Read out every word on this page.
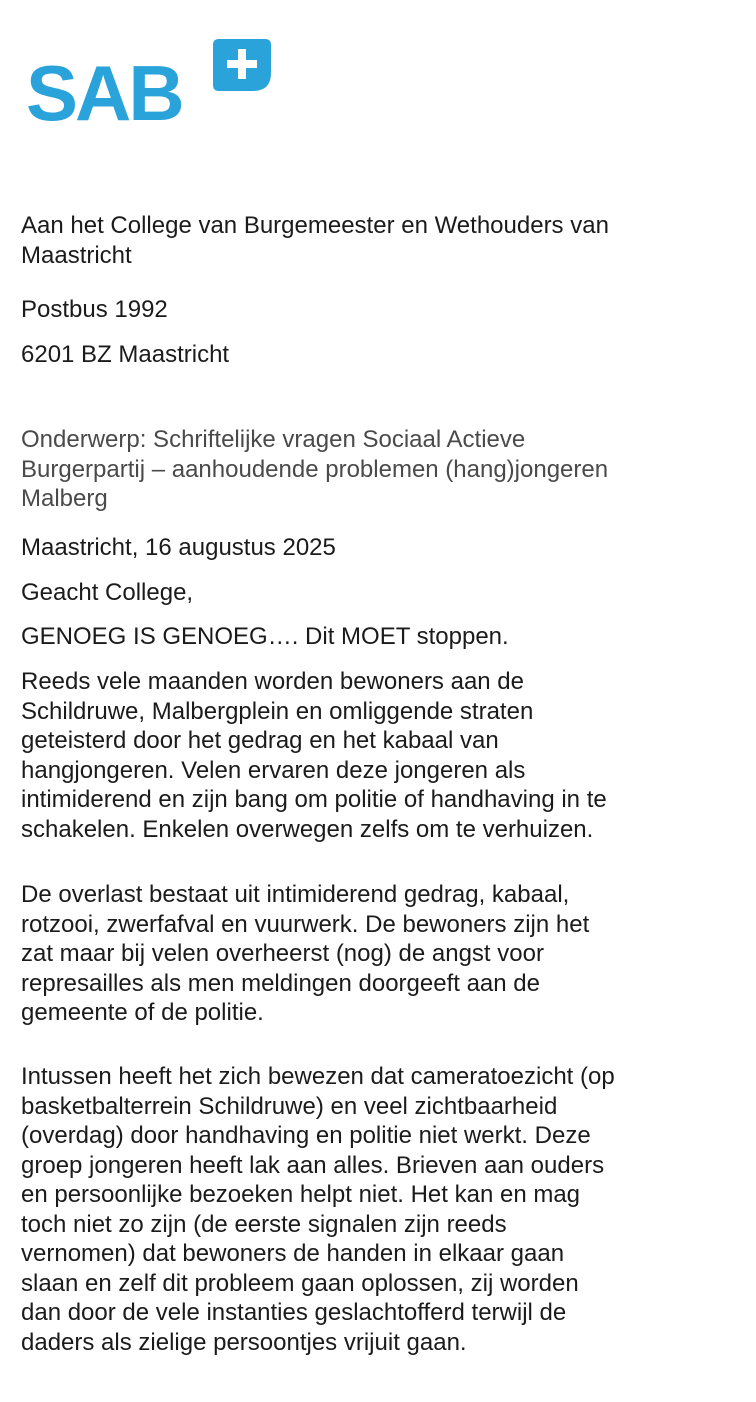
SAB

Aan het College van Burgemeester en Wethouders van
Maastricht

Postbus 1992

6201 BZ Maastricht

Onderwerp: Schriftelijke vragen Sociaal Actieve
Burgerpartij – aanhoudende problemen (hang)jongeren
Malberg

Maastricht, 16 augustus 2025

Geacht College,

GENOEG IS GENOEG…. Dit MOET stoppen.

Reeds vele maanden worden bewoners aan de
Schildruwe, Malbergplein en omliggende straten
geteisterd door het gedrag en het kabaal van
hangjongeren. Velen ervaren deze jongeren als
intimiderend en zijn bang om politie of handhaving in te
schakelen. Enkelen overwegen zelfs om te verhuizen.

De overlast bestaat uit intimiderend gedrag, kabaal,
rotzooi, zwerfafval en vuurwerk. De bewoners zijn het
zat maar bij velen overheerst (nog) de angst voor
represailles als men meldingen doorgeeft aan de
gemeente of de politie.

Intussen heeft het zich bewezen dat cameratoezicht (op
basketbalterrein Schildruwe) en veel zichtbaarheid
(overdag) door handhaving en politie niet werkt. Deze
groep jongeren heeft lak aan alles. Brieven aan ouders
en persoonlijke bezoeken helpt niet. Het kan en mag
toch niet zo zijn (de eerste signalen zijn reeds
vernomen) dat bewoners de handen in elkaar gaan
slaan en zelf dit probleem gaan oplossen, zij worden
dan door de vele instanties geslachtofferd terwijl de
daders als zielige persoontjes vrijuit gaan.
